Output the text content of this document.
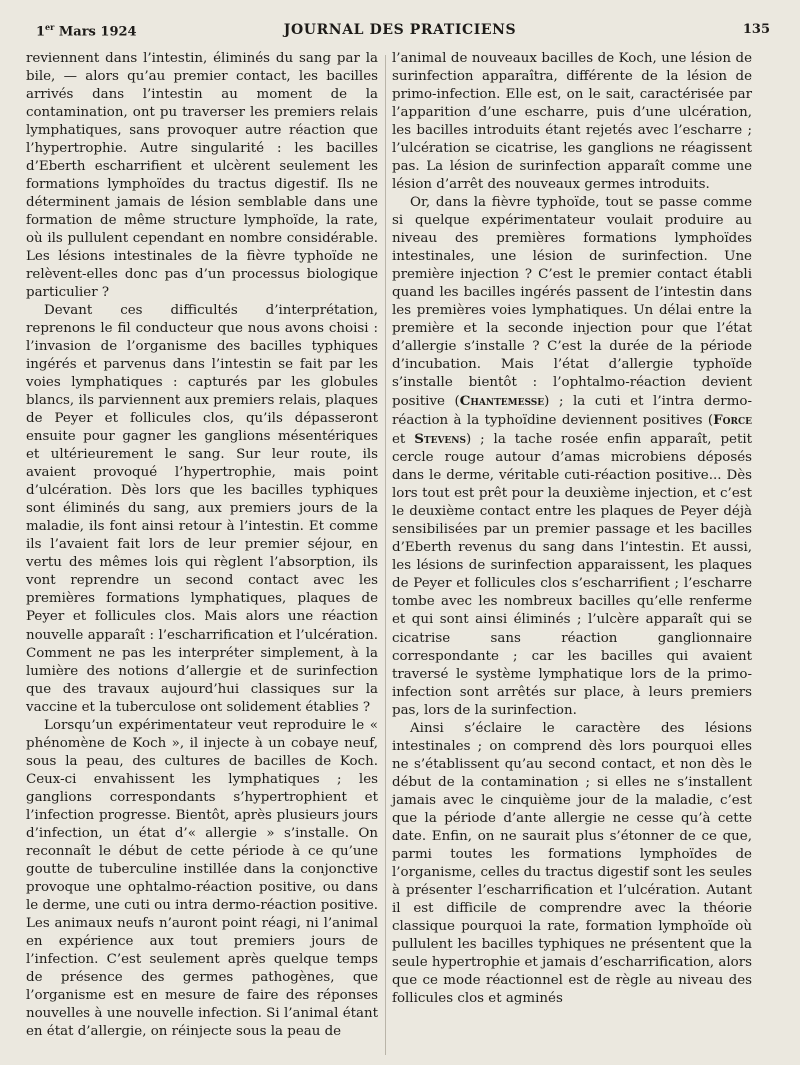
1er Mars 1924	JOURNAL DES PRATICIENS	135

reviennent dans l’intestin, éliminés du sang par la bile, — alors qu’au premier contact, les bacilles arrivés dans l’intestin au moment de la contamination, ont pu traverser les premiers relais lymphatiques, sans provoquer autre réaction que l’hypertrophie. Autre singularité : les bacilles d’Eberth escharrifient et ulcèrent seulement les formations lymphoïdes du tractus digestif. Ils ne déterminent jamais de lésion semblable dans une formation de même structure lymphoïde, la rate, où ils pullulent cependant en nombre considérable. Les lésions intestinales de la fièvre typhoïde ne relèvent-elles donc pas d’un processus biologique particulier ?

Devant ces difficultés d’interprétation, reprenons le fil conducteur que nous avons choisi : l’invasion de l’organisme des bacilles typhiques ingérés et parvenus dans l’intestin se fait par les voies lymphatiques : capturés par les globules blancs, ils parviennent aux premiers relais, plaques de Peyer et follicules clos, qu’ils dépasseront ensuite pour gagner les ganglions mésentériques et ultérieurement le sang. Sur leur route, ils avaient provoqué l’hypertrophie, mais point d’ulcération. Dès lors que les bacilles typhiques sont éliminés du sang, aux premiers jours de la maladie, ils font ainsi retour à l’intestin. Et comme ils l’avaient fait lors de leur premier séjour, en vertu des mêmes lois qui règlent l’absorption, ils vont reprendre un second contact avec les premières formations lymphatiques, plaques de Peyer et follicules clos. Mais alors une réaction nouvelle apparaît : l’escharrification et l’ulcération. Comment ne pas les interpréter simplement, à la lumière des notions d’allergie et de surinfection que des travaux aujourd’hui classiques sur la vaccine et la tuberculose ont solidement établies ?

Lorsqu’un expérimentateur veut reproduire le « phénomène de Koch », il injecte à un cobaye neuf, sous la peau, des cultures de bacilles de Koch. Ceux-ci envahissent les lymphatiques ; les ganglions correspondants s’hypertrophient et l’infection progresse. Bientôt, après plusieurs jours d’infection, un état d’« allergie » s’installe. On reconnaît le début de cette période à ce qu’une goutte de tuberculine instillée dans la conjonctive provoque une ophtalmo-réaction positive, ou dans le derme, une cuti ou intra dermo-réaction positive. Les animaux neufs n’auront point réagi, ni l’animal en expérience aux tout premiers jours de l’infection. C’est seulement après quelque temps de présence des germes pathogènes, que l’organisme est en mesure de faire des réponses nouvelles à une nouvelle infection. Si l’animal étant en état d’allergie, on réinjecte sous la peau de

l’animal de nouveaux bacilles de Koch, une lésion de surinfection apparaîtra, différente de la lésion de primo-infection. Elle est, on le sait, caractérisée par l’apparition d’une escharre, puis d’une ulcération, les bacilles introduits étant rejetés avec l’escharre ; l’ulcération se cicatrise, les ganglions ne réagissent pas. La lésion de surinfection apparaît comme une lésion d’arrêt des nouveaux germes introduits.

Or, dans la fièvre typhoïde, tout se passe comme si quelque expérimentateur voulait produire au niveau des premières formations lymphoïdes intestinales, une lésion de surinfection. Une première injection ? C’est le premier contact établi quand les bacilles ingérés passent de l’intestin dans les premières voies lymphatiques. Un délai entre la première et la seconde injection pour que l’état d’allergie s’installe ? C’est la durée de la période d’incubation. Mais l’état d’allergie typhoïde s’installe bientôt : l’ophtalmo-réaction devient positive (Chantemesse) ; la cuti et l’intra dermo-réaction à la typhoïdine deviennent positives (Force et Stevens) ; la tache rosée enfin apparaît, petit cercle rouge autour d’amas microbiens déposés dans le derme, véritable cuti-réaction positive... Dès lors tout est prêt pour la deuxième injection, et c’est le deuxième contact entre les plaques de Peyer déjà sensibilisées par un premier passage et les bacilles d’Eberth revenus du sang dans l’intestin. Et aussi, les lésions de surinfection apparaissent, les plaques de Peyer et follicules clos s’escharrifient ; l’escharre tombe avec les nombreux bacilles qu’elle renferme et qui sont ainsi éliminés ; l’ulcère apparaît qui se cicatrise sans réaction ganglionnaire correspondante ; car les bacilles qui avaient traversé le système lymphatique lors de la primo-infection sont arrêtés sur place, à leurs premiers pas, lors de la surinfection.

Ainsi s’éclaire le caractère des lésions intestinales ; on comprend dès lors pourquoi elles ne s’établissent qu’au second contact, et non dès le début de la contamination ; si elles ne s’installent jamais avec le cinquième jour de la maladie, c’est que la période d’ante allergie ne cesse qu’à cette date. Enfin, on ne saurait plus s’étonner de ce que, parmi toutes les formations lymphoïdes de l’organisme, celles du tractus digestif sont les seules à présenter l’escharrification et l’ulcération. Autant il est difficile de comprendre avec la théorie classique pourquoi la rate, formation lymphoïde où pullulent les bacilles typhiques ne présentent que la seule hypertrophie et jamais d’escharrification, alors que ce mode réactionnel est de règle au niveau des follicules clos et agminés
